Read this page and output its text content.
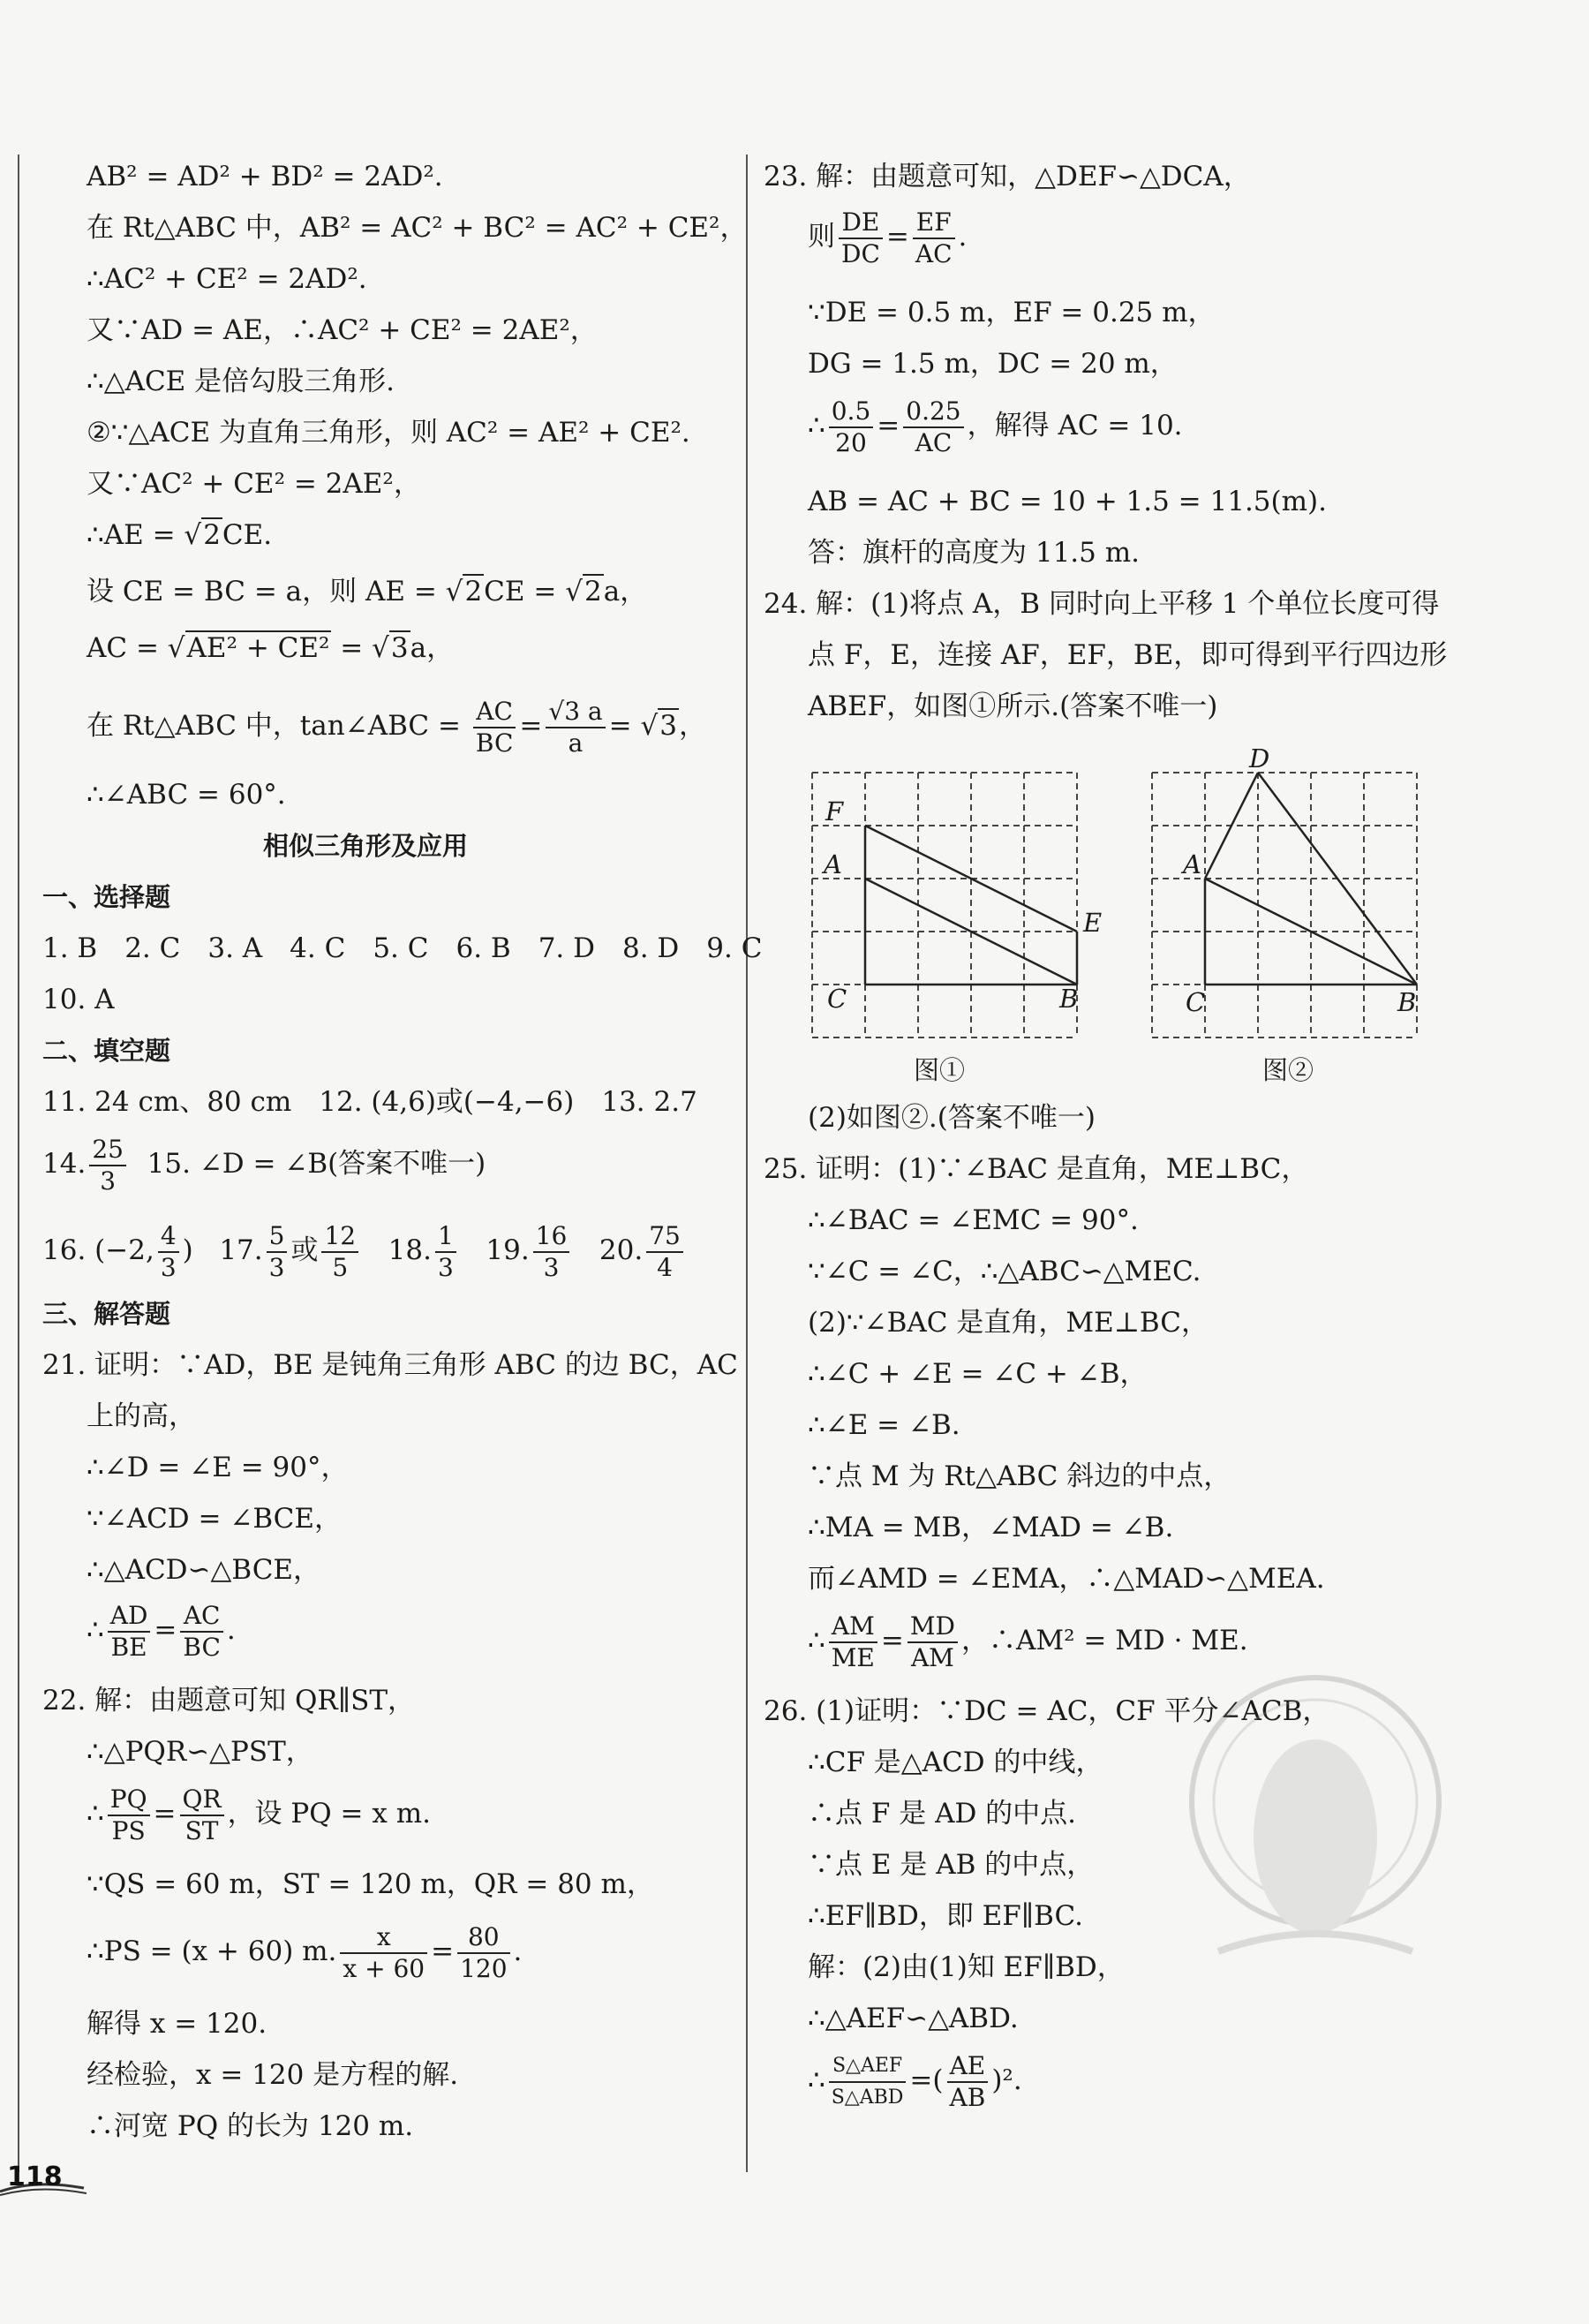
AB² = AD² + BD² = 2AD².
在 Rt△ABC 中，AB² = AC² + BC² = AC² + CE²，
∴AC² + CE² = 2AD².
又∵AD = AE，∴AC² + CE² = 2AE²，
∴△ACE 是倍勾股三角形.
②∵△ACE 为直角三角形，则 AC² = AE² + CE².
又∵AC² + CE² = 2AE²，
∴AE = √2CE.
设 CE = BC = a，则 AE = √2CE = √2a，
AC = √AE² + CE² = √3a，
在 Rt△ABC 中，tan∠ABC = $\frac{AC}{BC} = \frac{√3 a}{a} = √3$，
∴∠ABC = 60°.
相似三角形及应用
一、选择题
1. B　2. C　3. A　4. C　5. C　6. B　7. D　8. D　9. C
10. A
二、填空题
11. 24 cm、80 cm　12. (4,6)或(−4,−6)　13. 2.7
14. $\frac{25}{3} 15$. ∠D = ∠B(答案不唯一)
16. (−2, $\frac{4}{3}$ ) 17. $\frac{5}{3}$ 或 $\frac{12}{5} 18$. $\frac{1}{3} 19$. $\frac{16}{3} 20$. $\frac{75}{4}$
三、解答题
21. 证明：∵AD，BE 是钝角三角形 ABC 的边 BC，AC
上的高，
∴∠D = ∠E = 90°，
∵∠ACD = ∠BCE，
∴△ACD∽△BCE，
∴ $\frac{AD}{BE} = \frac{AC}{BC}$ .
22. 解：由题意可知 QR∥ST，
∴△PQR∽△PST，
∴ $\frac{PQ}{PS} = \frac{QR}{ST}$ ，设 PQ = x m.
∵QS = 60 m，ST = 120 m，QR = 80 m，
∴PS = (x + 60) m. $\frac{x}{x + 60} = \frac{80}{120}$ .
解得 x = 120.
经检验，x = 120 是方程的解.
∴河宽 PQ 的长为 120 m.
23. 解：由题意可知，△DEF∽△DCA，
则 $\frac{DE}{DC} = \frac{EF}{AC}$ .
∵DE = 0.5 m，EF = 0.25 m，
DG = 1.5 m，DC = 20 m，
∴ $\frac{0.5}{20} = \frac{0.25}{AC}$ ，解得 AC = 10.
AB = AC + BC = 10 + 1.5 = 11.5(m).
答：旗杆的高度为 11.5 m.
24. 解：(1)将点 A，B 同时向上平移 1 个单位长度可得
点 F，E，连接 AF，EF，BE，即可得到平行四边形
ABEF，如图①所示.(答案不唯一)
F
A
E
C	B
图①
D
A
C	B
图②
(2)如图②.(答案不唯一)
25. 证明：(1)∵∠BAC 是直角，ME⊥BC，
∴∠BAC = ∠EMC = 90°.
∵∠C = ∠C，∴△ABC∽△MEC.
(2)∵∠BAC 是直角，ME⊥BC，
∴∠C + ∠E = ∠C + ∠B，
∴∠E = ∠B.
∵点 M 为 Rt△ABC 斜边的中点，
∴MA = MB，∠MAD = ∠B.
而∠AMD = ∠EMA，∴△MAD∽△MEA.
∴ $\frac{AM}{ME} = \frac{MD}{AM}$ ，∴AM² = MD · ME.
26. (1)证明：∵DC = AC，CF 平分∠ACB，
∴CF 是△ACD 的中线，
∴点 F 是 AD 的中点.
∵点 E 是 AB 的中点，
∴EF∥BD，即 EF∥BC.
解：(2)由(1)知 EF∥BD，
∴△AEF∽△ABD.
∴ $\frac{\text{S△AEF}}{\text{S△ABD}}$ =( $\frac{AE}{AB} )^2$.
118
